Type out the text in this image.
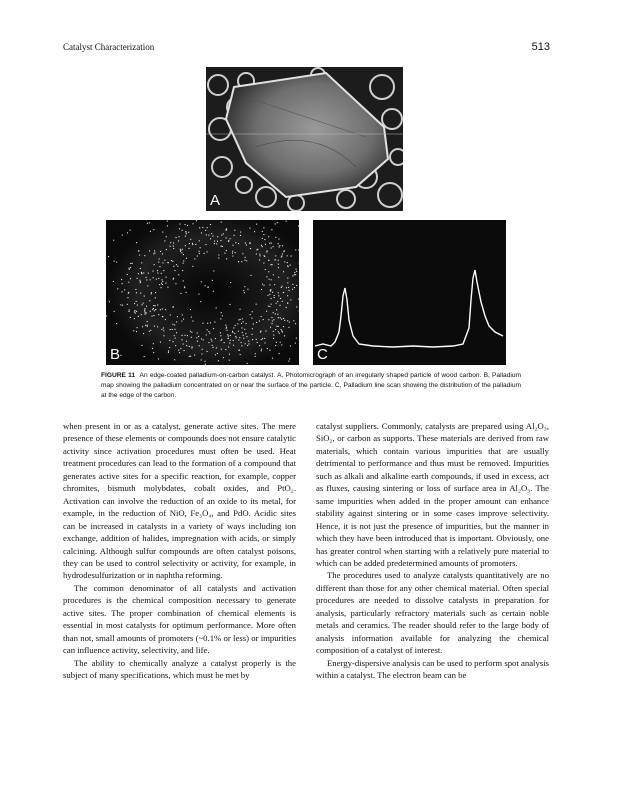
Catalyst Characterization	513
A
B	C
FIGURE 11 An edge-coated palladium-on-carbon catalyst. A, Photomicrograph of an irregularly shaped particle of wood carbon. B, Palladium map showing the palladium concentrated on or near the surface of the particle. C, Palladium line scan showing the distribution of the palladium at the edge of the carbon.

when present in or as a catalyst, generate active sites. The mere presence of these elements or compounds does not ensure catalytic activity since activation procedures must often be used. Heat treatment procedures can lead to the formation of a compound that generates active sites for a specific reaction, for example, copper chromites, bismuth molybdates, cobalt oxides, and PtO₂. Activation can involve the reduction of an oxide to its metal, for example, in the reduction of NiO, Fe₃O₄, and PdO. Acidic sites can be increased in catalysts in a variety of ways including ion exchange, addition of halides, impregnation with acids, or simply calcining. Although sulfur compounds are often catalyst poisons, they can be used to control selectivity or activity, for example, in hydrodesulfurization or in naphtha reforming.

The common denominator of all catalysts and activation procedures is the chemical composition necessary to generate active sites. The proper combination of chemical elements is essential in most catalysts for optimum performance. More often than not, small amounts of promoters (~0.1% or less) or impurities can influence activity, selectivity, and life.

The ability to chemically analyze a catalyst properly is the subject of many specifications, which must be met by

catalyst suppliers. Commonly, catalysts are prepared using Al₂O₃, SiO₂, or carbon as supports. These materials are derived from raw materials, which contain various impurities that are usually detrimental to performance and thus must be removed. Impurities such as alkali and alkaline earth compounds, if used in excess, act as fluxes, causing sintering or loss of surface area in Al₂O₃. The same impurities when added in the proper amount can enhance stability against sintering or in some cases improve selectivity. Hence, it is not just the presence of impurities, but the manner in which they have been introduced that is important. Obviously, one has greater control when starting with a relatively pure material to which can be added predetermined amounts of promoters.

The procedures used to analyze catalysts quantitatively are no different than those for any other chemical material. Often special procedures are needed to dissolve catalysts in preparation for analysis, particularly refractory materials such as certain noble metals and ceramics. The reader should refer to the large body of analysis information available for analyzing the chemical composition of a catalyst of interest.

Energy-dispersive analysis can be used to perform spot analysis within a catalyst. The electron beam can be
